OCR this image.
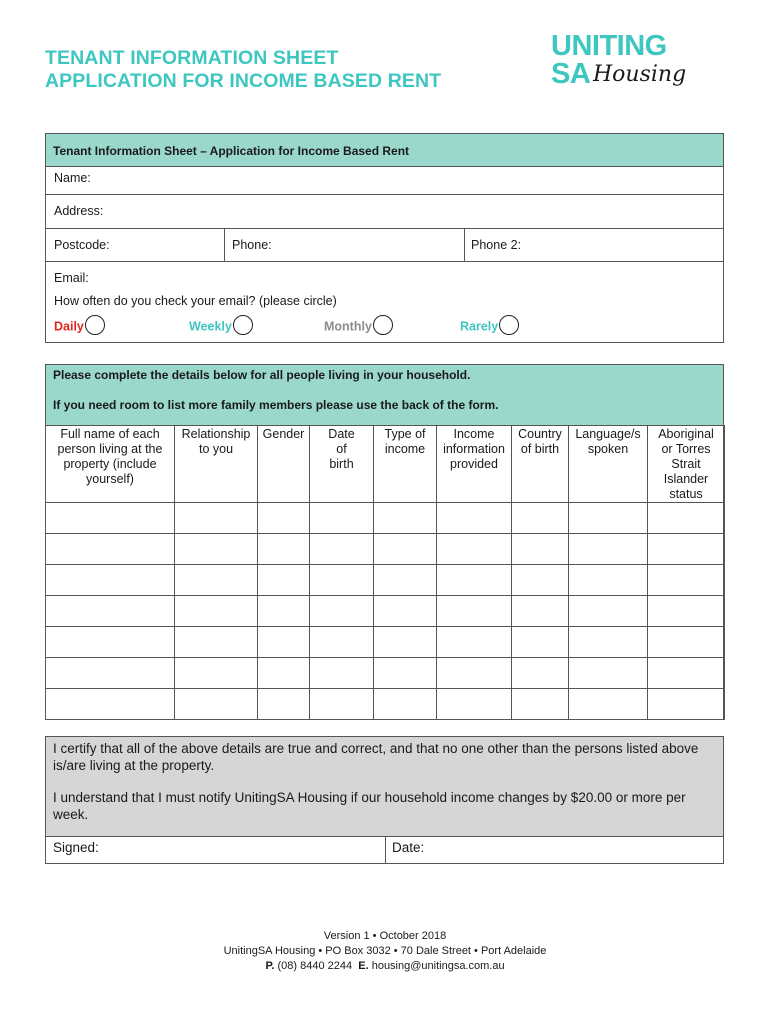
TENANT INFORMATION SHEET
APPLICATION FOR INCOME BASED RENT
UNITING
SA Housing
Tenant Information Sheet – Application for Income Based Rent
Name:
Address:
Postcode:	Phone:	Phone 2:
Email:
How often do you check your email? (please circle)
Daily	Weekly	Monthly	Rarely
Please complete the details below for all people living in your household.
If you need room to list more family members please use the back of the form.
Full name of each person living at the property (include yourself)	Relationship to you	Gender	Date of birth	Type of income	Income information provided	Country of birth	Language/s spoken	Aboriginal or Torres Strait Islander status

I certify that all of the above details are true and correct, and that no one other than the persons listed above is/are living at the property.

I understand that I must notify UnitingSA Housing if our household income changes by $20.00 or more per week.

Signed:	Date:
Version 1 • October 2018
UnitingSA Housing • PO Box 3032 • 70 Dale Street • Port Adelaide
P. (08) 8440 2244 E. housing@unitingsa.com.au
